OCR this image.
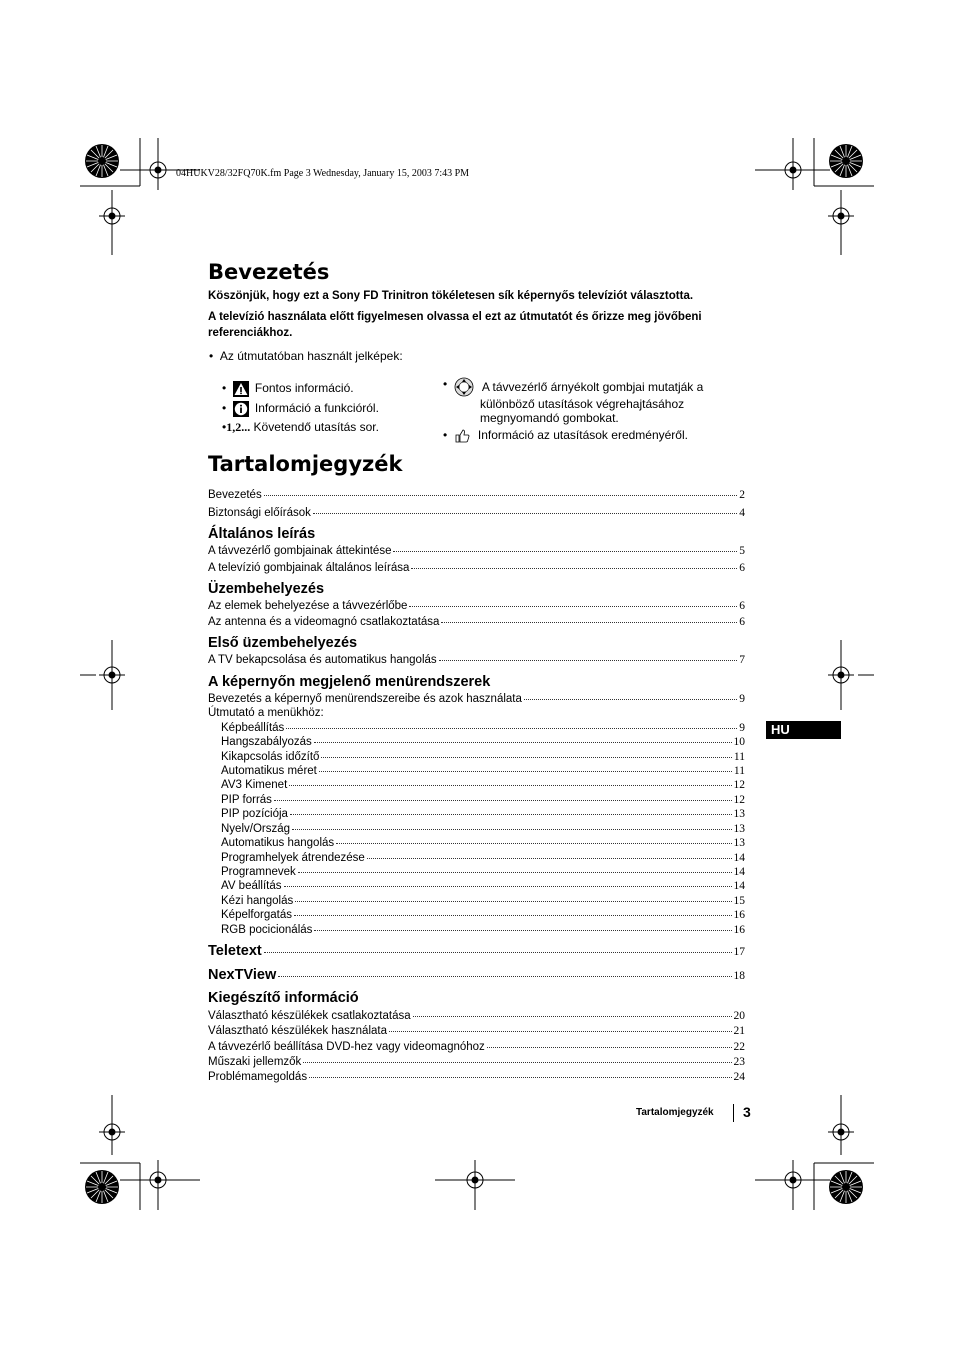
04HUKV28/32FQ70K.fm Page 3 Wednesday, January 15, 2003 7:43 PM
Bevezetés

Köszönjük, hogy ezt a Sony FD Trinitron tökéletesen sík képernyős televíziót választotta.

A televízió használata előtt figyelmesen olvassa el ezt az útmutatót és őrizze meg jövőbeni referenciákhoz.

•  Az útmutatóban használt jelképek:
• Fontos információ.
• Információ a funkcióról.
• 1,2...
Követendő utasítás sor.
• A távvezérlő árnyékolt gombjai mutatják a
különböző utasítások végrehajtásához
megnyomandó gombokat.
• Információ az utasítások eredményéről.
Tartalomjegyzék
Bevezetés	2
Biztonsági előírások	4
Általános leírás
A távvezérlő gombjainak áttekintése	5
A televízió gombjainak általános leírása	6
Üzembehelyezés
Az elemek behelyezése a távvezérlőbe	6
Az antenna és a videomagnó csatlakoztatása	6
Első üzembehelyezés
A TV bekapcsolása és automatikus hangolás	7
A képernyőn megjelenő menürendszerek
Bevezetés a képernyő menürendszereibe és azok használata	9
Útmutató a menükhöz:
Képbeállítás	9
Hangszabályozás	10
Kikapcsolás időzítő	11
Automatikus méret	11
AV3 Kimenet	12
PIP forrás	12
PIP pozíciója	13
Nyelv/Ország	13
Automatikus hangolás	13
Programhelyek átrendezése	14
Programnevek	14
AV beállítás	14
Kézi hangolás	15
Képelforgatás	16
RGB pocicionálás	16
Teletext	17
NexTView	18
Kiegészítő információ
Választható készülékek csatlakoztatása	20
Választható készülékek használata	21
A távvezérlő beállítása DVD-hez vagy videomagnóhoz	22
Műszaki jellemzők	23
Problémamegoldás	24
HU
Tartalomjegyzék 3
